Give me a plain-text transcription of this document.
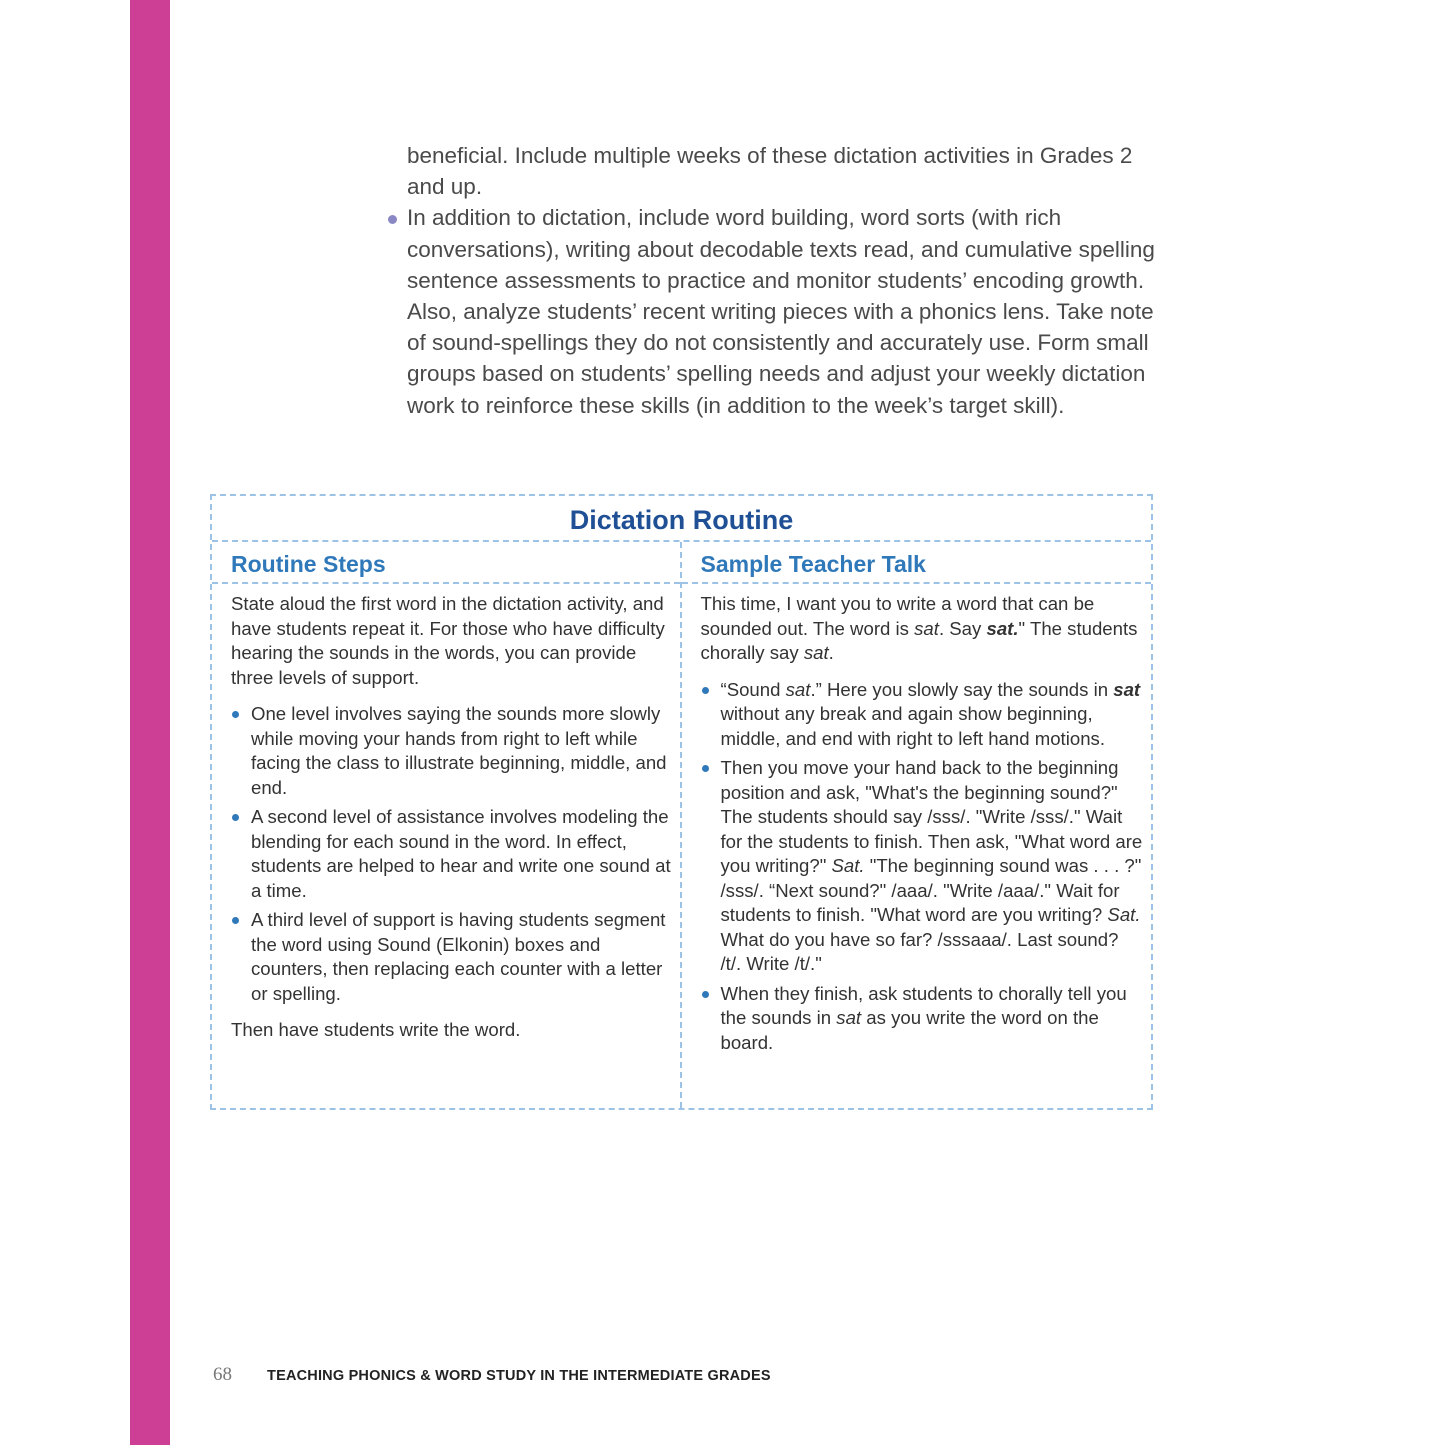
beneficial. Include multiple weeks of these dictation activities in Grades 2 and up.

In addition to dictation, include word building, word sorts (with rich conversations), writing about decodable texts read, and cumulative spelling sentence assessments to practice and monitor students’ encoding growth. Also, analyze students’ recent writing pieces with a phonics lens. Take note of sound-spellings they do not consistently and accurately use. Form small groups based on students’ spelling needs and adjust your weekly dictation work to reinforce these skills (in addition to the week’s target skill).
Dictation Routine
Routine Steps

State aloud the first word in the dictation activity, and have students repeat it. For those who have difficulty hearing the sounds in the words, you can provide three levels of support.

One level involves saying the sounds more slowly while moving your hands from right to left while facing the class to illustrate beginning, middle, and end.
A second level of assistance involves modeling the blending for each sound in the word. In effect, students are helped to hear and write one sound at a time.
A third level of support is having students segment the word using Sound (Elkonin) boxes and counters, then replacing each counter with a letter or spelling.

Then have students write the word.

Sample Teacher Talk

This time, I want you to write a word that can be sounded out. The word is sat. Say sat." The students chorally say sat.

“Sound sat.” Here you slowly say the sounds in sat without any break and again show beginning, middle, and end with right to left hand motions.
Then you move your hand back to the beginning position and ask, "What's the beginning sound?" The students should say /sss/. "Write /sss/." Wait for the students to finish. Then ask, "What word are you writing?" Sat. "The beginning sound was . . . ?" /sss/. “Next sound?" /aaa/. "Write /aaa/." Wait for students to finish. "What word are you writing? Sat. What do you have so far? /sssaaa/. Last sound? /t/. Write /t/."
When they finish, ask students to chorally tell you the sounds in sat as you write the word on the board.
68 TEACHING PHONICS & WORD STUDY IN THE INTERMEDIATE GRADES
